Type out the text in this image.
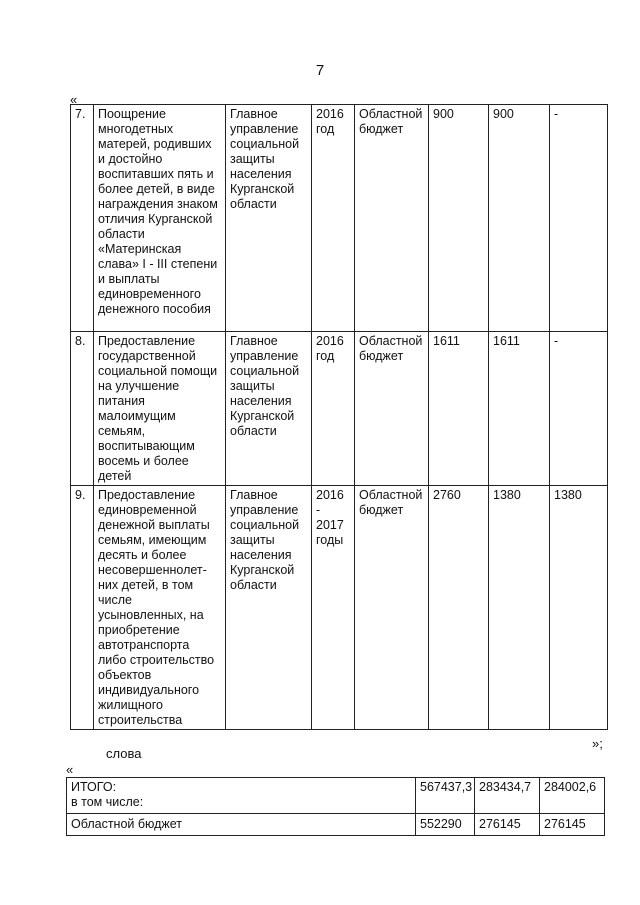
7
«
7.	Поощрение многодетных матерей, родивших и достойно воспитавших пять и более детей, в виде награждения знаком отличия Курганской области «Материнская слава» I - III степени и выплаты единовременного денежного пособия	Главное управление социальной защиты населения Курганской области	2016 год	Областной бюджет	900	900	-
8.	Предоставление государственной социальной помощи на улучшение питания малоимущим семьям, воспитывающим восемь и более детей	Главное управление социальной защиты населения Курганской области	2016 год	Областной бюджет	1611	1611	-
9.	Предоставление единовременной денежной выплаты семьям, имеющим десять и более несовершеннолет-них детей, в том числе усыновленных, на приобретение автотранспорта либо строительство объектов индивидуального жилищного строительства	Главное управление социальной защиты населения Курганской области	2016 - 2017 годы	Областной бюджет	2760	1380	1380
»;
слова
«
ИТОГО:
в том числе:	567437,3	283434,7	284002,6
Областной бюджет	552290	276145	276145
